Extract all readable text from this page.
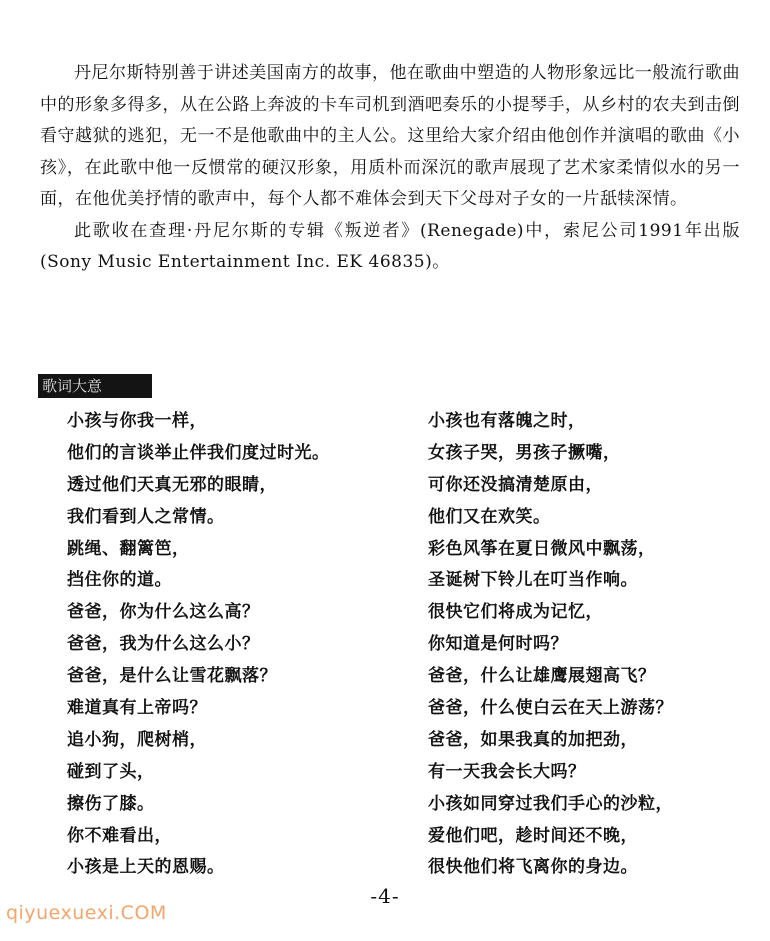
丹尼尔斯特别善于讲述美国南方的故事，他在歌曲中塑造的人物形象远比一般流行歌曲中的形象多得多，从在公路上奔波的卡车司机到酒吧奏乐的小提琴手，从乡村的农夫到击倒看守越狱的逃犯，无一不是他歌曲中的主人公。这里给大家介绍由他创作并演唱的歌曲《小孩》，在此歌中他一反惯常的硬汉形象，用质朴而深沉的歌声展现了艺术家柔情似水的另一面，在他优美抒情的歌声中，每个人都不难体会到天下父母对子女的一片舐犊深情。

此歌收在查理·丹尼尔斯的专辑《叛逆者》(Renegade)中，索尼公司1991年出版(Sony Music Entertainment Inc. EK 46835)。

歌词大意
小孩与你我一样，
他们的言谈举止伴我们度过时光。
透过他们天真无邪的眼睛，
我们看到人之常情。
跳绳、翻篱笆，
挡住你的道。
爸爸，你为什么这么高？
爸爸，我为什么这么小？
爸爸，是什么让雪花飘落？
难道真有上帝吗？
追小狗，爬树梢，
碰到了头，
擦伤了膝。
你不难看出，
小孩是上天的恩赐。
小孩也有落魄之时，
女孩子哭，男孩子撅嘴，
可你还没搞清楚原由，
他们又在欢笑。
彩色风筝在夏日微风中飘荡，
圣诞树下铃儿在叮当作响。
很快它们将成为记忆，
你知道是何时吗？
爸爸，什么让雄鹰展翅高飞？
爸爸，什么使白云在天上游荡？
爸爸，如果我真的加把劲，
有一天我会长大吗？
小孩如同穿过我们手心的沙粒，
爱他们吧，趁时间还不晚，
很快他们将飞离你的身边。
-4-
qiyuexuexi.COM
